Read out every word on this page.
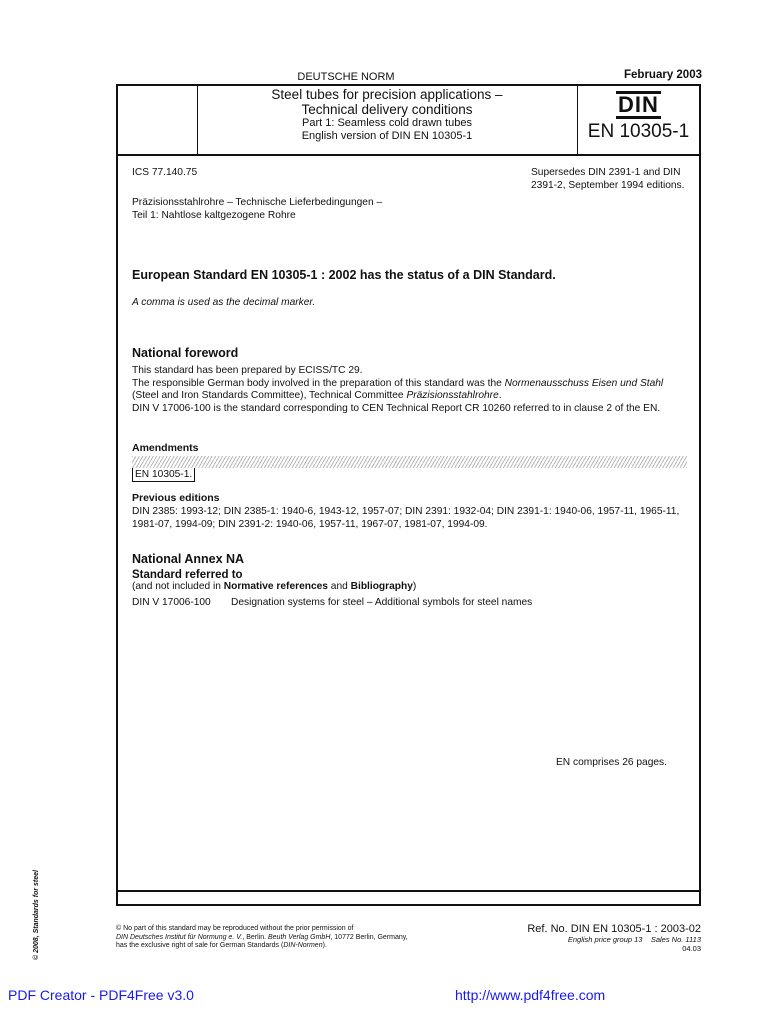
DEUTSCHE NORM	February 2003
Steel tubes for precision applications –
Technical delivery conditions
Part 1: Seamless cold drawn tubes
English version of DIN EN 10305-1
DIN
EN 10305-1
ICS 77.140.75	Supersedes DIN 2391-1 and DIN 2391-2, September 1994 editions.
Präzisionsstahlrohre – Technische Lieferbedingungen –
Teil 1: Nahtlose kaltgezogene Rohre
European Standard EN 10305-1 : 2002 has the status of a DIN Standard.
A comma is used as the decimal marker.
National foreword
This standard has been prepared by ECISS/TC 29.
The responsible German body involved in the preparation of this standard was the Normenausschuss Eisen und Stahl (Steel and Iron Standards Committee), Technical Committee Präzisionsstahlrohre.
DIN V 17006-100 is the standard corresponding to CEN Technical Report CR 10260 referred to in clause 2 of the EN.
Amendments
EN 10305-1.
Previous editions
DIN 2385: 1993-12; DIN 2385-1: 1940-6, 1943-12, 1957-07; DIN 2391: 1932-04; DIN 2391-1: 1940-06, 1957-11, 1965-11, 1981-07, 1994-09; DIN 2391-2: 1940-06, 1957-11, 1967-07, 1981-07, 1994-09.
National Annex NA
Standard referred to
(and not included in Normative references and Bibliography)
DIN V 17006-100 Designation systems for steel – Additional symbols for steel names
EN comprises 26 pages.
© 2008, Standards for steel	© No part of this standard may be reproduced without the prior permission of
DIN Deutsches Institut für Normung e. V., Berlin. Beuth Verlag GmbH, 10772 Berlin, Germany,
has the exclusive right of sale for German Standards (DIN-Normen).
Ref. No. DIN EN 10305-1 : 2003-02
English price group 13 Sales No. 1113
04.03
PDF Creator - PDF4Free v3.0	http://www.pdf4free.com
